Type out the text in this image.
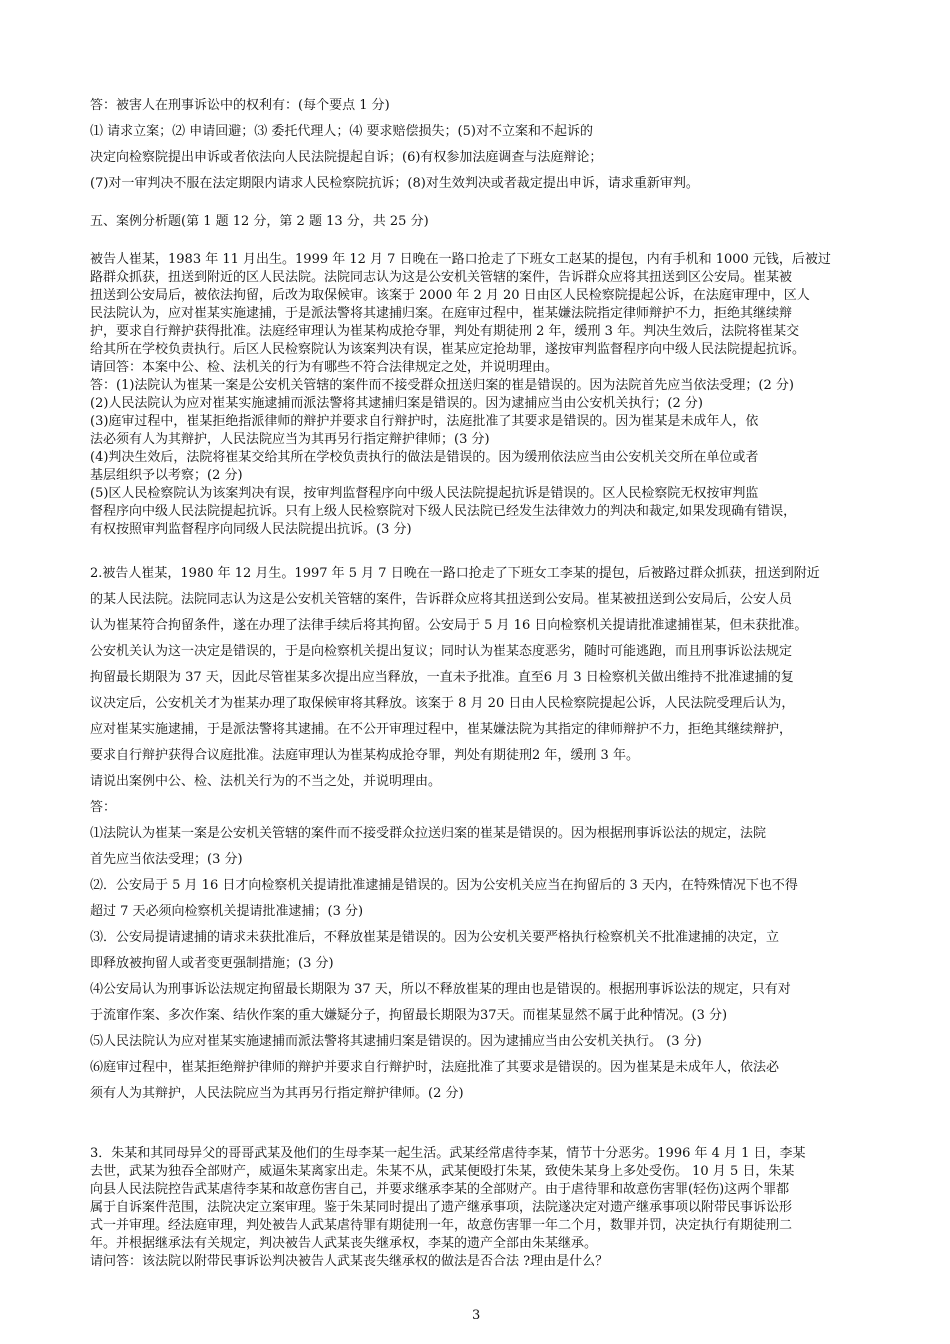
答：被害人在刑事诉讼中的权利有：(每个要点 1 分)
⑴ 请求立案；⑵ 申请回避；⑶ 委托代理人；⑷ 要求赔偿损失；(5)对不立案和不起诉的
决定向检察院提出申诉或者依法向人民法院提起自诉；(6)有权参加法庭调查与法庭辩论；
(7)对一审判决不服在法定期限内请求人民检察院抗诉；(8)对生效判决或者裁定提出申诉，请求重新审判。
五、案例分析题(第 1 题 12 分，第 2 题 13 分，共 25 分)
被告人崔某，1983 年 11 月出生。1999 年 12 月 7 日晚在一路口抢走了下班女工赵某的提包，内有手机和 1000 元钱，后被过
路群众抓获，扭送到附近的区人民法院。法院同志认为这是公安机关管辖的案件，告诉群众应将其扭送到区公安局。崔某被
扭送到公安局后，被依法拘留，后改为取保候审。该案于 2000 年 2 月 20 日由区人民检察院提起公诉，在法庭审理中，区人
民法院认为，应对崔某实施逮捕，于是派法警将其逮捕归案。在庭审过程中，崔某嫌法院指定律师辩护不力，拒绝其继续辩
护，要求自行辩护获得批准。法庭经审理认为崔某构成抢夺罪，判处有期徒刑 2 年，缓刑 3 年。判决生效后，法院将崔某交
给其所在学校负责执行。后区人民检察院认为该案判决有误，崔某应定抢劫罪，遂按审判监督程序向中级人民法院提起抗诉。
请回答：本案中公、检、法机关的行为有哪些不符合法律规定之处，并说明理由。
答：(1)法院认为崔某一案是公安机关管辖的案件而不接受群众扭送归案的崔是错误的。因为法院首先应当依法受理；(2 分)
(2)人民法院认为应对崔某实施逮捕而派法警将其逮捕归案是错误的。因为逮捕应当由公安机关执行；(2 分)
(3)庭审过程中，崔某拒绝指派律师的辩护并要求自行辩护时，法庭批准了其要求是错误的。因为崔某是未成年人，依
法必须有人为其辩护，人民法院应当为其再另行指定辩护律师；(3 分)
(4)判决生效后，法院将崔某交给其所在学校负责执行的做法是错误的。因为缓刑依法应当由公安机关交所在单位或者
基层组织予以考察；(2 分)
(5)区人民检察院认为该案判决有误，按审判监督程序向中级人民法院提起抗诉是错误的。区人民检察院无权按审判监
督程序向中级人民法院提起抗诉。只有上级人民检察院对下级人民法院已经发生法律效力的判决和裁定,如果发现确有错误，
有权按照审判监督程序向同级人民法院提出抗诉。(3 分)
2.被告人崔某，1980 年 12 月生。1997 年 5 月 7 日晚在一路口抢走了下班女工李某的提包，后被路过群众抓获，扭送到附近
的某人民法院。法院同志认为这是公安机关管辖的案件，告诉群众应将其扭送到公安局。崔某被扭送到公安局后，公安人员
认为崔某符合拘留条件，遂在办理了法律手续后将其拘留。公安局于 5 月 16 日向检察机关提请批准逮捕崔某，但未获批准。
公安机关认为这一决定是错误的，于是向检察机关提出复议；同时认为崔某态度恶劣，随时可能逃跑，而且刑事诉讼法规定
拘留最长期限为 37 天，因此尽管崔某多次提出应当释放，一直未予批准。直至6 月 3 日检察机关做出维持不批准逮捕的复
议决定后，公安机关才为崔某办理了取保候审将其释放。该案于 8 月 20 日由人民检察院提起公诉，人民法院受理后认为，
应对崔某实施逮捕，于是派法警将其逮捕。在不公开审理过程中，崔某嫌法院为其指定的律师辩护不力，拒绝其继续辩护，
要求自行辩护获得合议庭批准。法庭审理认为崔某构成抢夺罪，判处有期徒刑2 年，缓刑 3 年。
请说出案例中公、检、法机关行为的不当之处，并说明理由。
答：
⑴法院认为崔某一案是公安机关管辖的案件而不接受群众拉送归案的崔某是错误的。因为根据刑事诉讼法的规定，法院
首先应当依法受理；(3 分)
⑵．公安局于 5 月 16 日才向检察机关提请批准逮捕是错误的。因为公安机关应当在拘留后的 3 天内，在特殊情况下也不得
超过 7 天必须向检察机关提请批准逮捕；(3 分)
⑶．公安局提请逮捕的请求未获批准后，不释放崔某是错误的。因为公安机关要严格执行检察机关不批准逮捕的决定，立
即释放被拘留人或者变更强制措施；(3 分)
⑷公安局认为刑事诉讼法规定拘留最长期限为 37 天，所以不释放崔某的理由也是错误的。根据刑事诉讼法的规定，只有对
于流窜作案、多次作案、结伙作案的重大嫌疑分子，拘留最长期限为37天。而崔某显然不属于此种情况。(3 分)
⑸人民法院认为应对崔某实施逮捕而派法警将其逮捕归案是错误的。因为逮捕应当由公安机关执行。 (3 分)
⑹庭审过程中，崔某拒绝辩护律师的辩护并要求自行辩护时，法庭批准了其要求是错误的。因为崔某是未成年人，依法必
须有人为其辩护，人民法院应当为其再另行指定辩护律师。(2 分)
3．朱某和其同母异父的哥哥武某及他们的生母李某一起生活。武某经常虐待李某，情节十分恶劣。1996 年 4 月 1 日，李某
去世，武某为独吞全部财产，威逼朱某离家出走。朱某不从，武某便殴打朱某，致使朱某身上多处受伤。 10 月 5 日，朱某
向县人民法院控告武某虐待李某和故意伤害自己，并要求继承李某的全部财产。由于虐待罪和故意伤害罪(轻伤)这两个罪都
属于自诉案件范围，法院决定立案审理。鉴于朱某同时提出了遗产继承事项，法院遂决定对遗产继承事项以附带民事诉讼形
式一并审理。经法庭审理，判处被告人武某虐待罪有期徒刑一年，故意伤害罪一年二个月，数罪并罚，决定执行有期徒刑二
年。并根据继承法有关规定，判决被告人武某丧失继承权，李某的遗产全部由朱某继承。
请问答：该法院以附带民事诉讼判决被告人武某丧失继承权的做法是否合法 ?理由是什么？
3
